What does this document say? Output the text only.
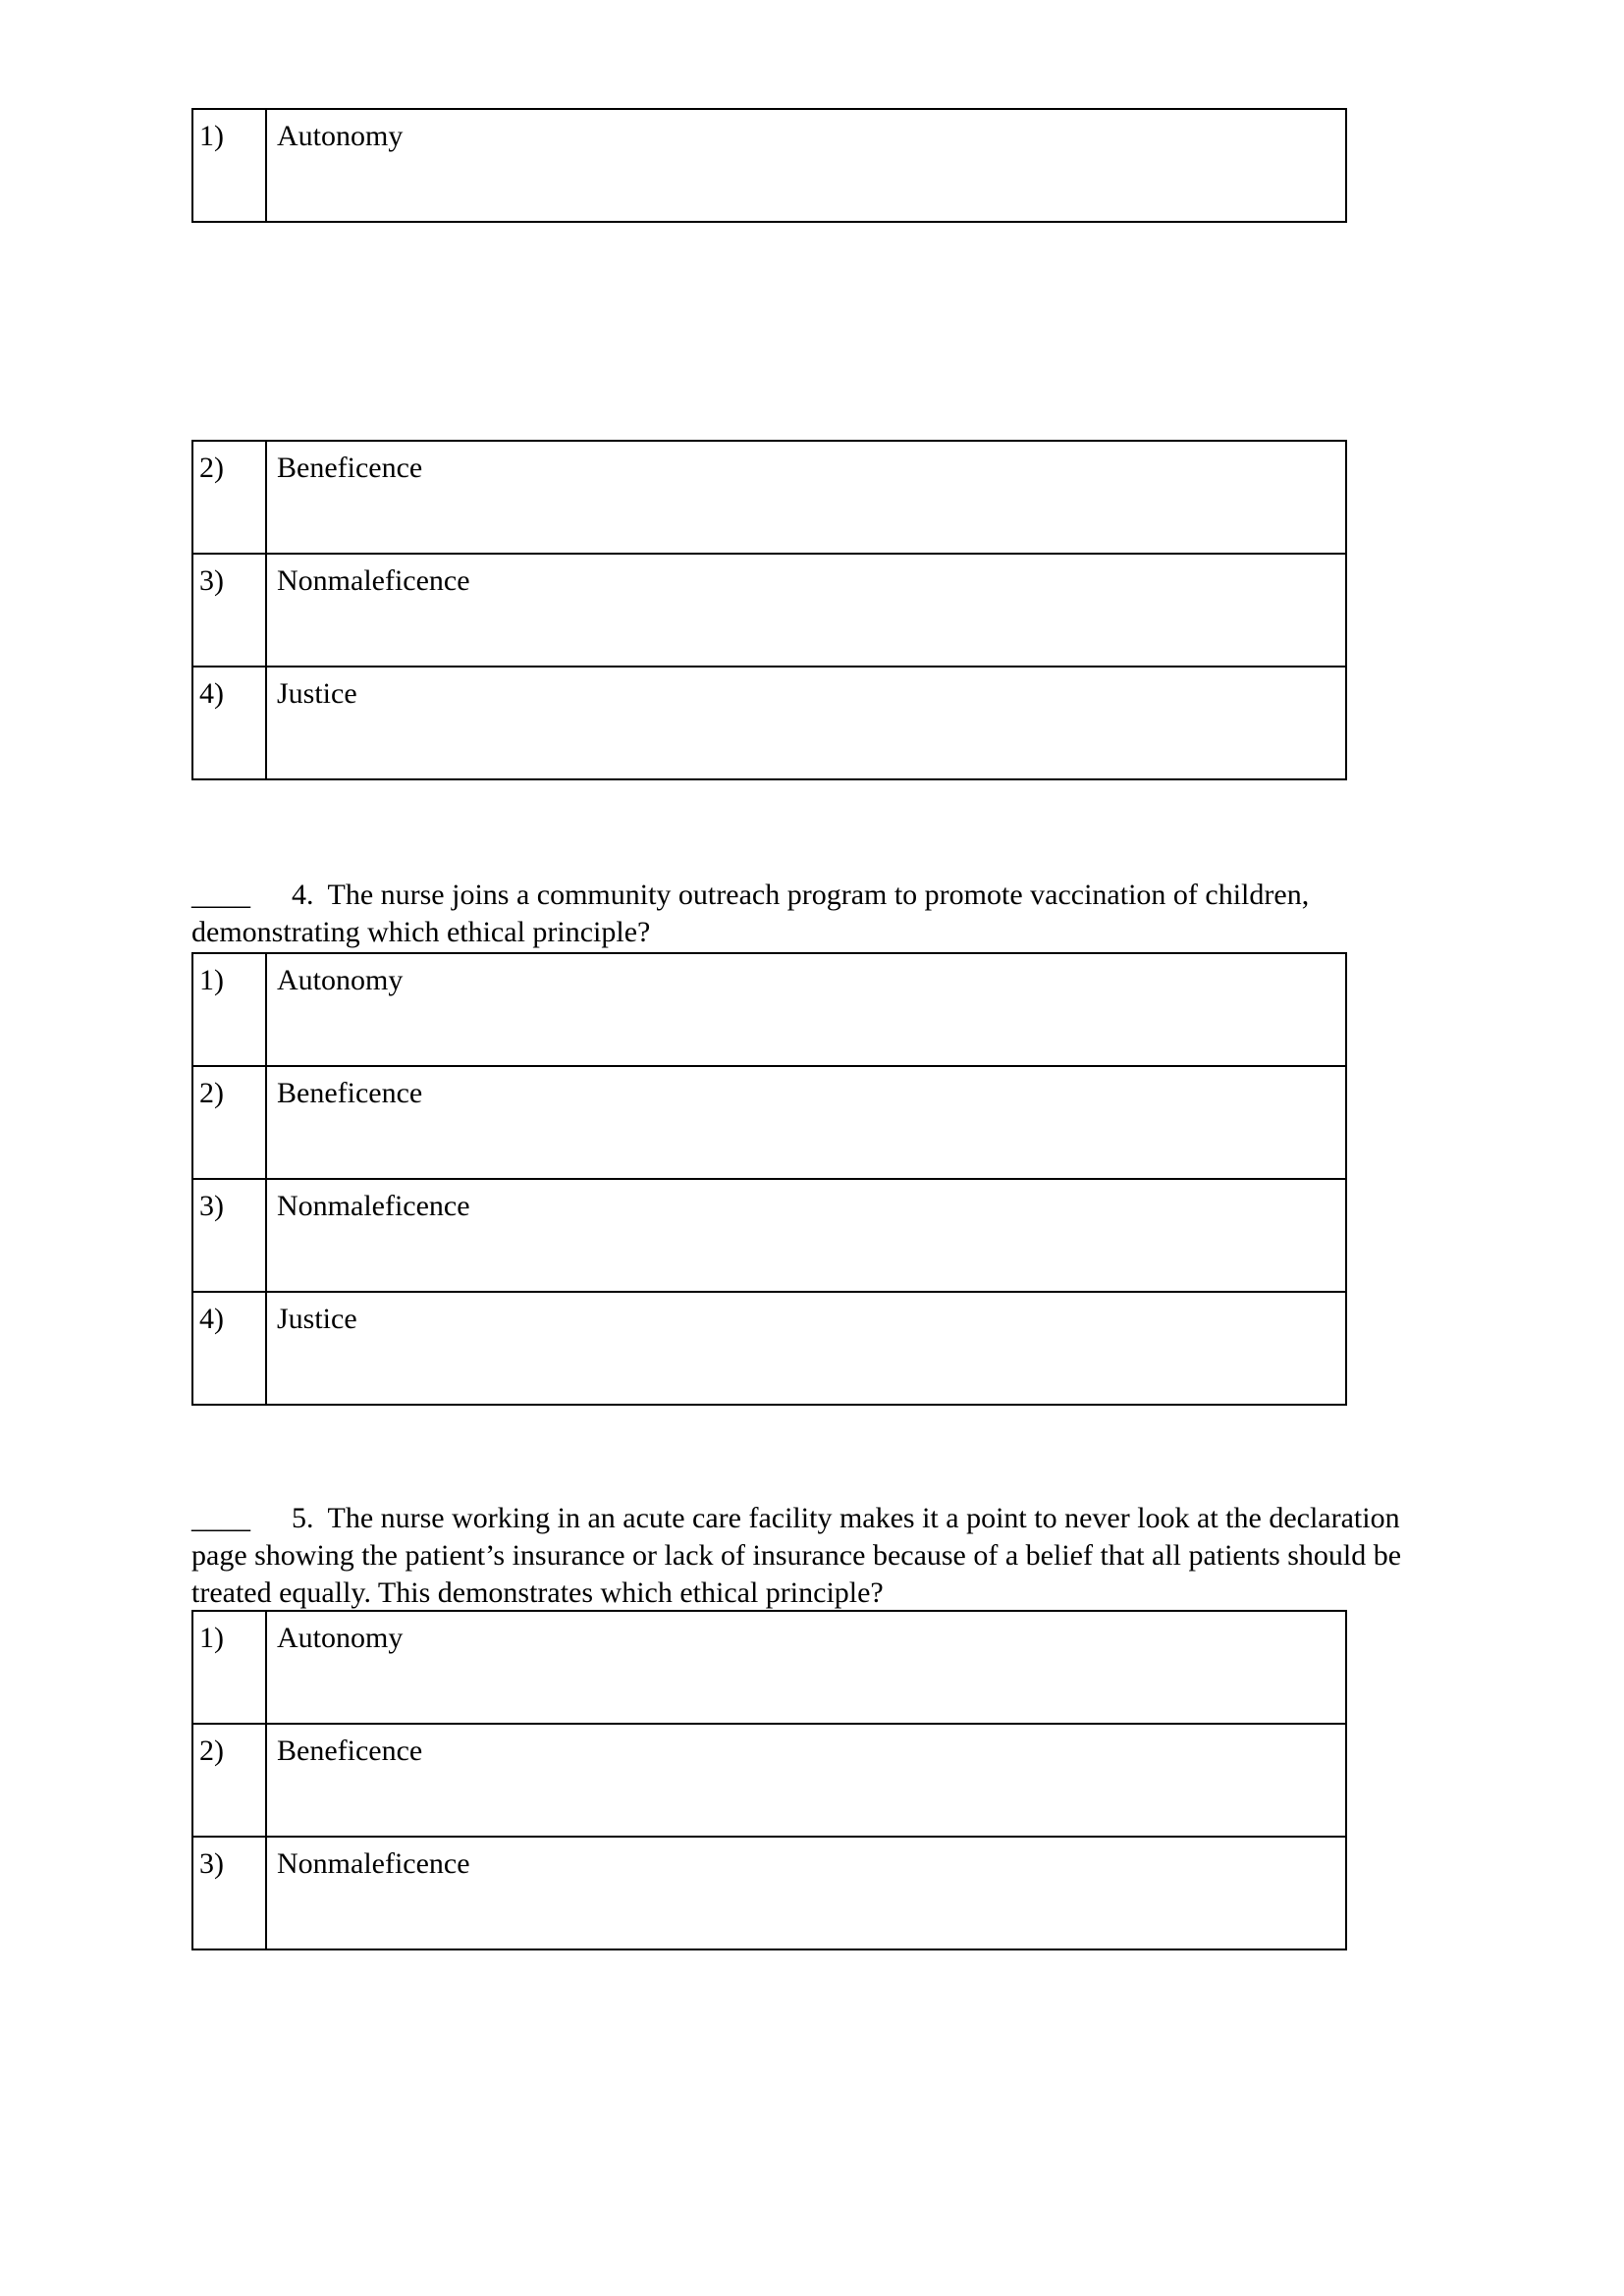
1)	Autonomy
2)	Beneficence
3)	Nonmaleficence
4)	Justice
____ 4. The nurse joins a community outreach program to promote vaccination of children, demonstrating which ethical principle?
1)	Autonomy
2)	Beneficence
3)	Nonmaleficence
4)	Justice
____ 5. The nurse working in an acute care facility makes it a point to never look at the declaration page showing the patient’s insurance or lack of insurance because of a belief that all patients should be treated equally. This demonstrates which ethical principle?
1)	Autonomy
2)	Beneficence
3)	Nonmaleficence
